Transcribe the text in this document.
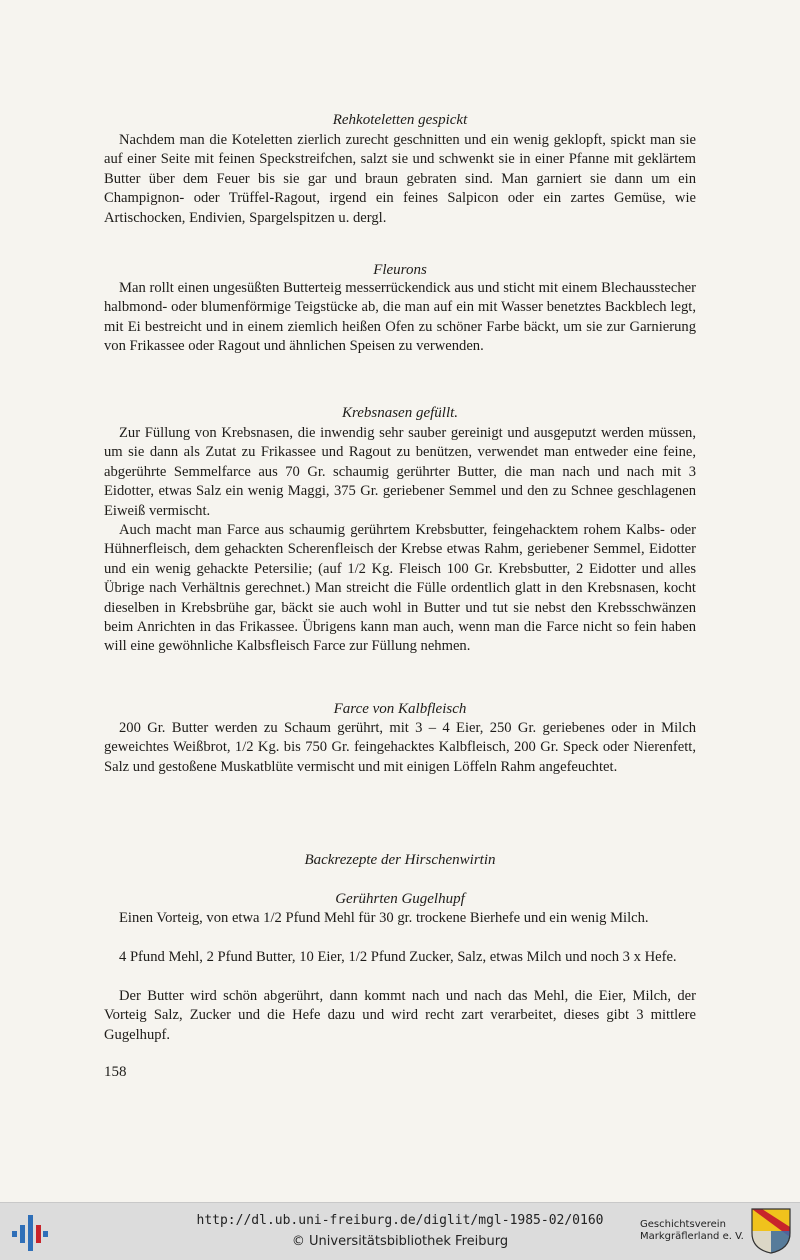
Rehkoteletten gespickt

Nachdem man die Koteletten zierlich zurecht geschnitten und ein wenig geklopft, spickt man sie auf einer Seite mit feinen Speckstreifchen, salzt sie und schwenkt sie in einer Pfanne mit geklärtem Butter über dem Feuer bis sie gar und braun gebraten sind. Man garniert sie dann um ein Champignon- oder Trüffel-Ragout, irgend ein feines Salpicon oder ein zartes Gemüse, wie Artischocken, Endivien, Spargelspitzen u. dergl.

Fleurons

Man rollt einen ungesüßten Butterteig messerrückendick aus und sticht mit einem Blechausstecher halbmond- oder blumenförmige Teigstücke ab, die man auf ein mit Wasser benetztes Backblech legt, mit Ei bestreicht und in einem ziemlich heißen Ofen zu schöner Farbe bäckt, um sie zur Garnierung von Frikassee oder Ragout und ähnlichen Speisen zu verwenden.

Krebsnasen gefüllt.

Zur Füllung von Krebsnasen, die inwendig sehr sauber gereinigt und ausgeputzt werden müssen, um sie dann als Zutat zu Frikassee und Ragout zu benützen, verwendet man entweder eine feine, abgerührte Semmelfarce aus 70 Gr. schaumig gerührter Butter, die man nach und nach mit 3 Eidotter, etwas Salz ein wenig Maggi, 375 Gr. geriebener Semmel und den zu Schnee geschlagenen Eiweiß vermischt.

Auch macht man Farce aus schaumig gerührtem Krebsbutter, feingehacktem rohem Kalbs- oder Hühnerfleisch, dem gehackten Scherenfleisch der Krebse etwas Rahm, geriebener Semmel, Eidotter und ein wenig gehackte Petersilie; (auf 1/2 Kg. Fleisch 100 Gr. Krebsbutter, 2 Eidotter und alles Übrige nach Verhältnis gerechnet.) Man streicht die Fülle ordentlich glatt in den Krebsnasen, kocht dieselben in Krebsbrühe gar, bäckt sie auch wohl in Butter und tut sie nebst den Krebsschwänzen beim Anrichten in das Frikassee. Übrigens kann man auch, wenn man die Farce nicht so fein haben will eine gewöhnliche Kalbsfleisch Farce zur Füllung nehmen.

Farce von Kalbfleisch

200 Gr. Butter werden zu Schaum gerührt, mit 3 – 4 Eier, 250 Gr. geriebenes oder in Milch geweichtes Weißbrot, 1/2 Kg. bis 750 Gr. feingehacktes Kalbfleisch, 200 Gr. Speck oder Nierenfett, Salz und gestoßene Muskatblüte vermischt und mit einigen Löffeln Rahm angefeuchtet.

Backrezepte der Hirschenwirtin
Gerührten Gugelhupf

Einen Vorteig, von etwa 1/2 Pfund Mehl für 30 gr. trockene Bierhefe und ein wenig Milch.

4 Pfund Mehl, 2 Pfund Butter, 10 Eier, 1/2 Pfund Zucker, Salz, etwas Milch und noch 3 x Hefe.

Der Butter wird schön abgerührt, dann kommt nach und nach das Mehl, die Eier, Milch, der Vorteig Salz, Zucker und die Hefe dazu und wird recht zart verarbeitet, dieses gibt 3 mittlere Gugelhupf.

158
http://dl.ub.uni-freiburg.de/diglit/mgl-1985-02/0160
© Universitätsbibliothek Freiburg
Geschichtsverein
Markgräflerland e. V.
